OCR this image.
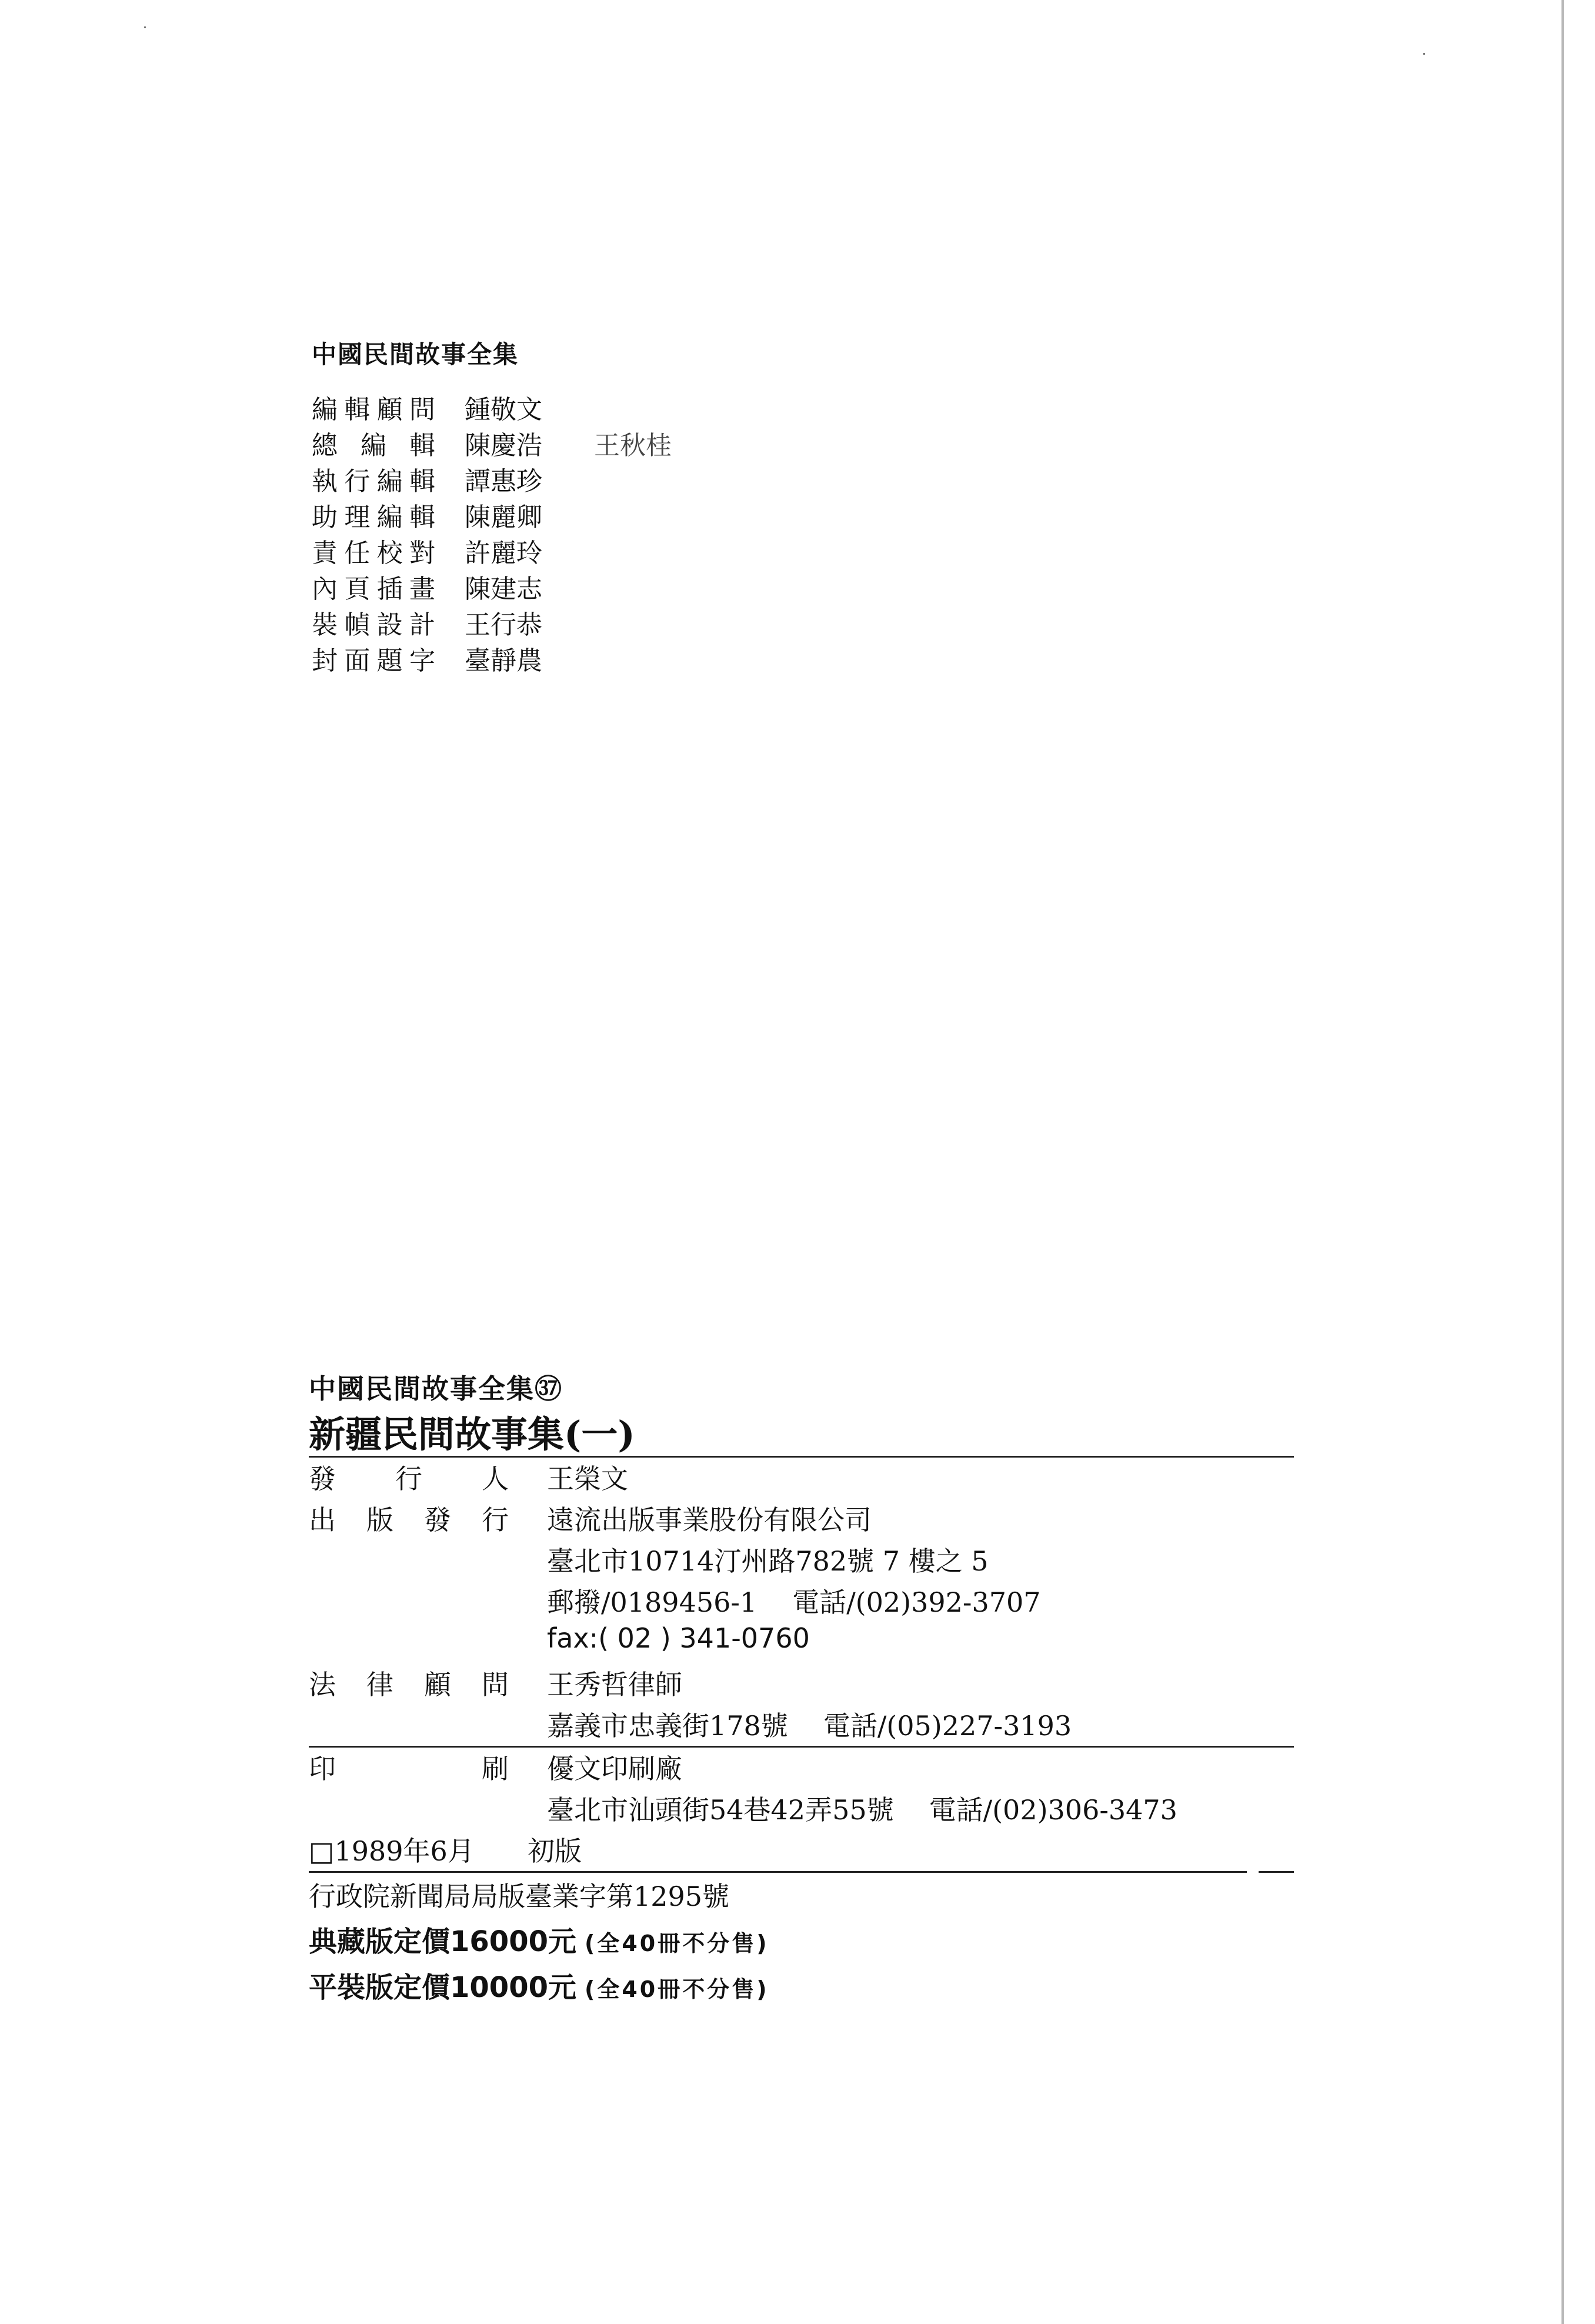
中國民間故事全集
編 輯 顧 問 鍾敬文
總 編 輯 陳慶浩 王秋桂
執 行 編 輯 譚惠珍
助 理 編 輯 陳麗卿
責 任 校 對 許麗玲
內 頁 插 畫 陳建志
裝 幀 設 計 王行恭
封 面 題 字 臺靜農
中國民間故事全集㊲
新疆民間故事集(一)
發 行 人 王榮文
出 版 發 行 遠流出版事業股份有限公司
臺北市10714汀州路782號 7 樓之 5
郵撥/0189456-1 電話/(02)392-3707
fax:( 02 ) 341-0760
法 律 顧 問 王秀哲律師
嘉義市忠義街178號 電話/(05)227-3193
印	刷 優文印刷廠
臺北市汕頭街54巷42弄55號 電話/(02)306-3473
□1989年6月 初版
行政院新聞局局版臺業字第1295號
典藏版定價16000元 (全40冊不分售)
平裝版定價10000元 (全40冊不分售)
